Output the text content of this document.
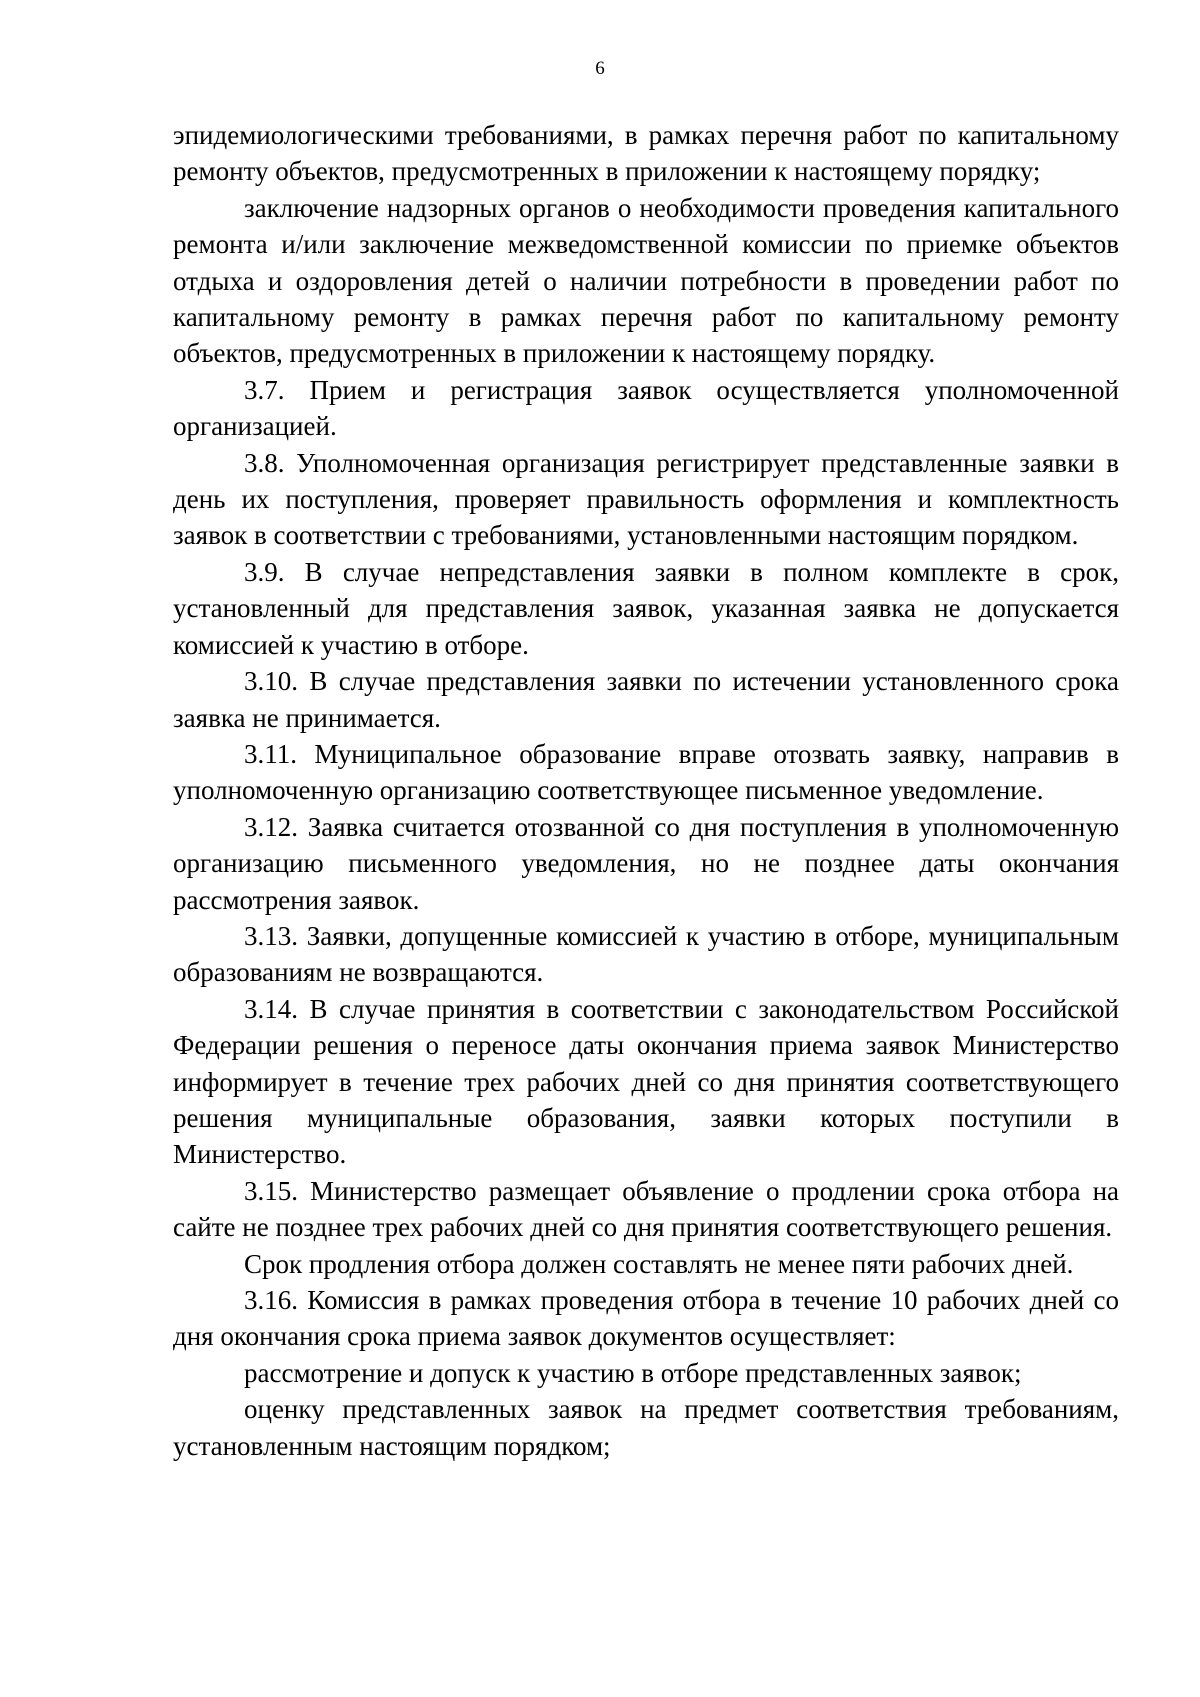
6

эпидемиологическими требованиями, в рамках перечня работ по капитальному ремонту объектов, предусмотренных в приложении к настоящему порядку;

заключение надзорных органов о необходимости проведения капитального ремонта и/или заключение межведомственной комиссии по приемке объектов отдыха и оздоровления детей о наличии потребности в проведении работ по капитальному ремонту в рамках перечня работ по капитальному ремонту объектов, предусмотренных в приложении к настоящему порядку.

3.7. Прием и регистрация заявок осуществляется уполномоченной организацией.

3.8. Уполномоченная организация регистрирует представленные заявки в день их поступления, проверяет правильность оформления и комплектность заявок в соответствии с требованиями, установленными настоящим порядком.

3.9. В случае непредставления заявки в полном комплекте в срок, установленный для представления заявок, указанная заявка не допускается комиссией к участию в отборе.

3.10. В случае представления заявки по истечении установленного срока заявка не принимается.

3.11. Муниципальное образование вправе отозвать заявку, направив в уполномоченную организацию соответствующее письменное уведомление.

3.12. Заявка считается отозванной со дня поступления в уполномоченную организацию письменного уведомления, но не позднее даты окончания рассмотрения заявок.

3.13. Заявки, допущенные комиссией к участию в отборе, муниципальным образованиям не возвращаются.

3.14. В случае принятия в соответствии с законодательством Российской Федерации решения о переносе даты окончания приема заявок Министерство информирует в течение трех рабочих дней со дня принятия соответствующего решения муниципальные образования, заявки которых поступили в Министерство.

3.15. Министерство размещает объявление о продлении срока отбора на сайте не позднее трех рабочих дней со дня принятия соответствующего решения.

Срок продления отбора должен составлять не менее пяти рабочих дней.

3.16. Комиссия в рамках проведения отбора в течение 10 рабочих дней со дня окончания срока приема заявок документов осуществляет:

рассмотрение и допуск к участию в отборе представленных заявок;

оценку представленных заявок на предмет соответствия требованиям, установленным настоящим порядком;
